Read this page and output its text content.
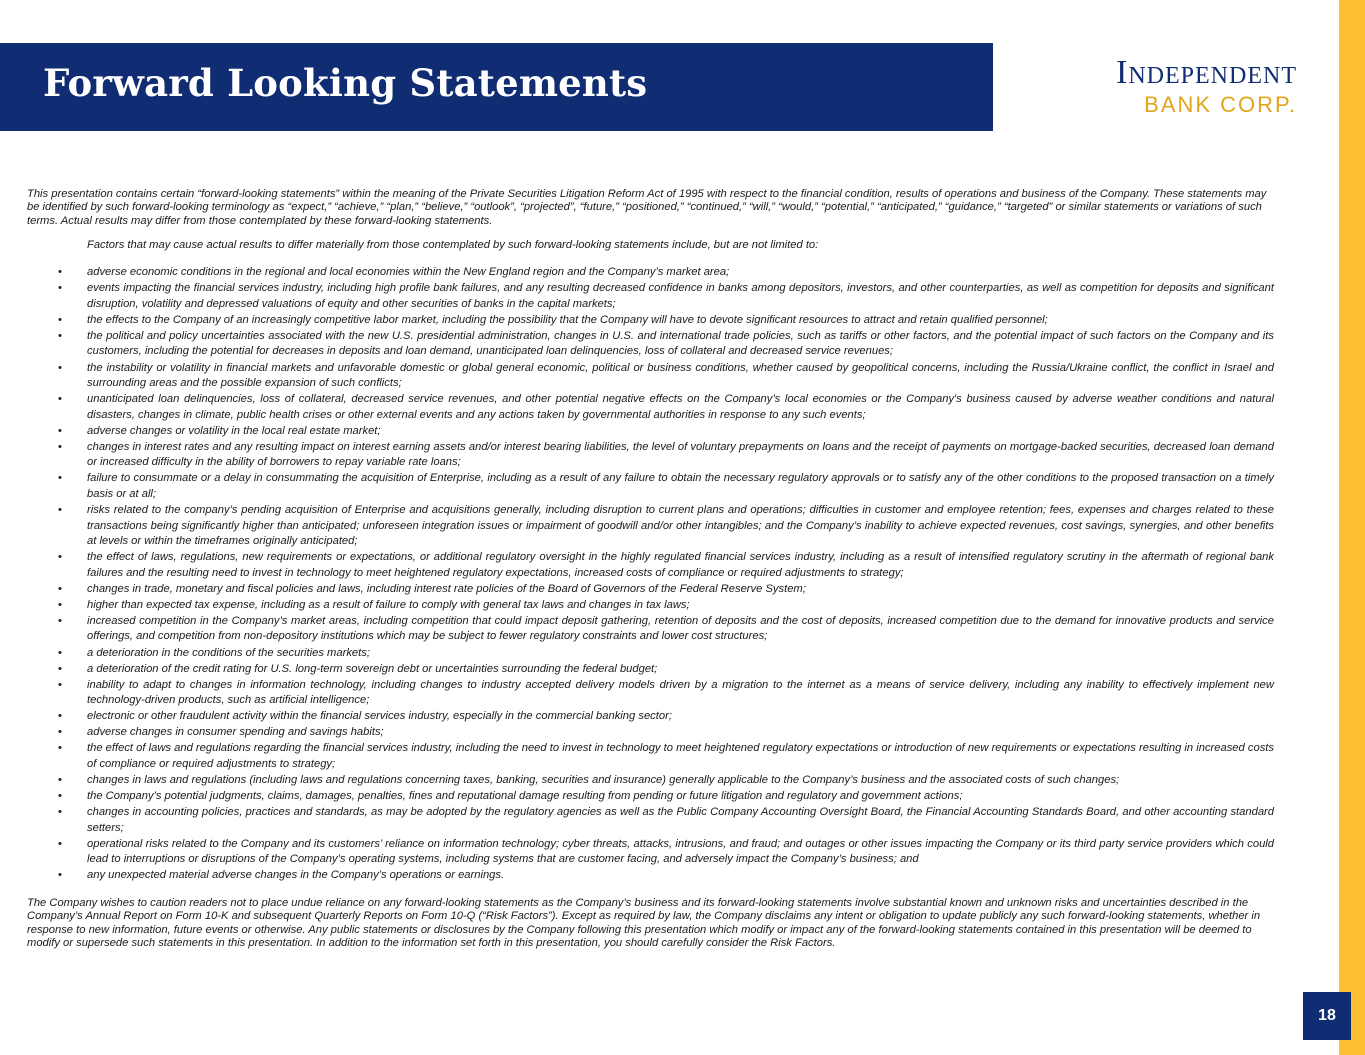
Forward Looking Statements	Independent
BANK CORP.

This presentation contains certain “forward-looking statements” within the meaning of the Private Securities Litigation Reform Act of 1995 with respect to the financial condition, results of operations and business of the Company. These statements may be identified by such forward-looking terminology as “expect,” “achieve,” “plan,” “believe,” “outlook”, “projected”, “future,” “positioned,” “continued,” “will,” “would,” “potential,” “anticipated,” “guidance,” “targeted” or similar statements or variations of such terms. Actual results may differ from those contemplated by these forward-looking statements.

Factors that may cause actual results to differ materially from those contemplated by such forward-looking statements include, but are not limited to:

• adverse economic conditions in the regional and local economies within the New England region and the Company’s market area;
• events impacting the financial services industry, including high profile bank failures, and any resulting decreased confidence in banks among depositors, investors, and other counterparties, as well as competition for deposits and significant disruption, volatility and depressed valuations of equity and other securities of banks in the capital markets;
• the effects to the Company of an increasingly competitive labor market, including the possibility that the Company will have to devote significant resources to attract and retain qualified personnel;
• the political and policy uncertainties associated with the new U.S. presidential administration, changes in U.S. and international trade policies, such as tariffs or other factors, and the potential impact of such factors on the Company and its customers, including the potential for decreases in deposits and loan demand, unanticipated loan delinquencies, loss of collateral and decreased service revenues;
• the instability or volatility in financial markets and unfavorable domestic or global general economic, political or business conditions, whether caused by geopolitical concerns, including the Russia/Ukraine conflict, the conflict in Israel and surrounding areas and the possible expansion of such conflicts;
• unanticipated loan delinquencies, loss of collateral, decreased service revenues, and other potential negative effects on the Company’s local economies or the Company's business caused by adverse weather conditions and natural disasters, changes in climate, public health crises or other external events and any actions taken by governmental authorities in response to any such events;
• adverse changes or volatility in the local real estate market;
• changes in interest rates and any resulting impact on interest earning assets and/or interest bearing liabilities, the level of voluntary prepayments on loans and the receipt of payments on mortgage-backed securities, decreased loan demand or increased difficulty in the ability of borrowers to repay variable rate loans;
• failure to consummate or a delay in consummating the acquisition of Enterprise, including as a result of any failure to obtain the necessary regulatory approvals or to satisfy any of the other conditions to the proposed transaction on a timely basis or at all;
• risks related to the company’s pending acquisition of Enterprise and acquisitions generally, including disruption to current plans and operations; difficulties in customer and employee retention; fees, expenses and charges related to these transactions being significantly higher than anticipated; unforeseen integration issues or impairment of goodwill and/or other intangibles; and the Company’s inability to achieve expected revenues, cost savings, synergies, and other benefits at levels or within the timeframes originally anticipated;
• the effect of laws, regulations, new requirements or expectations, or additional regulatory oversight in the highly regulated financial services industry, including as a result of intensified regulatory scrutiny in the aftermath of regional bank failures and the resulting need to invest in technology to meet heightened regulatory expectations, increased costs of compliance or required adjustments to strategy;
• changes in trade, monetary and fiscal policies and laws, including interest rate policies of the Board of Governors of the Federal Reserve System;
• higher than expected tax expense, including as a result of failure to comply with general tax laws and changes in tax laws;
• increased competition in the Company’s market areas, including competition that could impact deposit gathering, retention of deposits and the cost of deposits, increased competition due to the demand for innovative products and service offerings, and competition from non-depository institutions which may be subject to fewer regulatory constraints and lower cost structures;
• a deterioration in the conditions of the securities markets;
• a deterioration of the credit rating for U.S. long-term sovereign debt or uncertainties surrounding the federal budget;
• inability to adapt to changes in information technology, including changes to industry accepted delivery models driven by a migration to the internet as a means of service delivery, including any inability to effectively implement new technology-driven products, such as artificial intelligence;
• electronic or other fraudulent activity within the financial services industry, especially in the commercial banking sector;
• adverse changes in consumer spending and savings habits;
• the effect of laws and regulations regarding the financial services industry, including the need to invest in technology to meet heightened regulatory expectations or introduction of new requirements or expectations resulting in increased costs of compliance or required adjustments to strategy;
• changes in laws and regulations (including laws and regulations concerning taxes, banking, securities and insurance) generally applicable to the Company’s business and the associated costs of such changes;
• the Company’s potential judgments, claims, damages, penalties, fines and reputational damage resulting from pending or future litigation and regulatory and government actions;
• changes in accounting policies, practices and standards, as may be adopted by the regulatory agencies as well as the Public Company Accounting Oversight Board, the Financial Accounting Standards Board, and other accounting standard setters;
• operational risks related to the Company and its customers’ reliance on information technology; cyber threats, attacks, intrusions, and fraud; and outages or other issues impacting the Company or its third party service providers which could lead to interruptions or disruptions of the Company’s operating systems, including systems that are customer facing, and adversely impact the Company’s business; and
• any unexpected material adverse changes in the Company’s operations or earnings.

The Company wishes to caution readers not to place undue reliance on any forward-looking statements as the Company’s business and its forward-looking statements involve substantial known and unknown risks and uncertainties described in the Company’s Annual Report on Form 10-K and subsequent Quarterly Reports on Form 10-Q (“Risk Factors”). Except as required by law, the Company disclaims any intent or obligation to update publicly any such forward-looking statements, whether in response to new information, future events or otherwise. Any public statements or disclosures by the Company following this presentation which modify or impact any of the forward-looking statements contained in this presentation will be deemed to modify or supersede such statements in this presentation. In addition to the information set forth in this presentation, you should carefully consider the Risk Factors.

18
